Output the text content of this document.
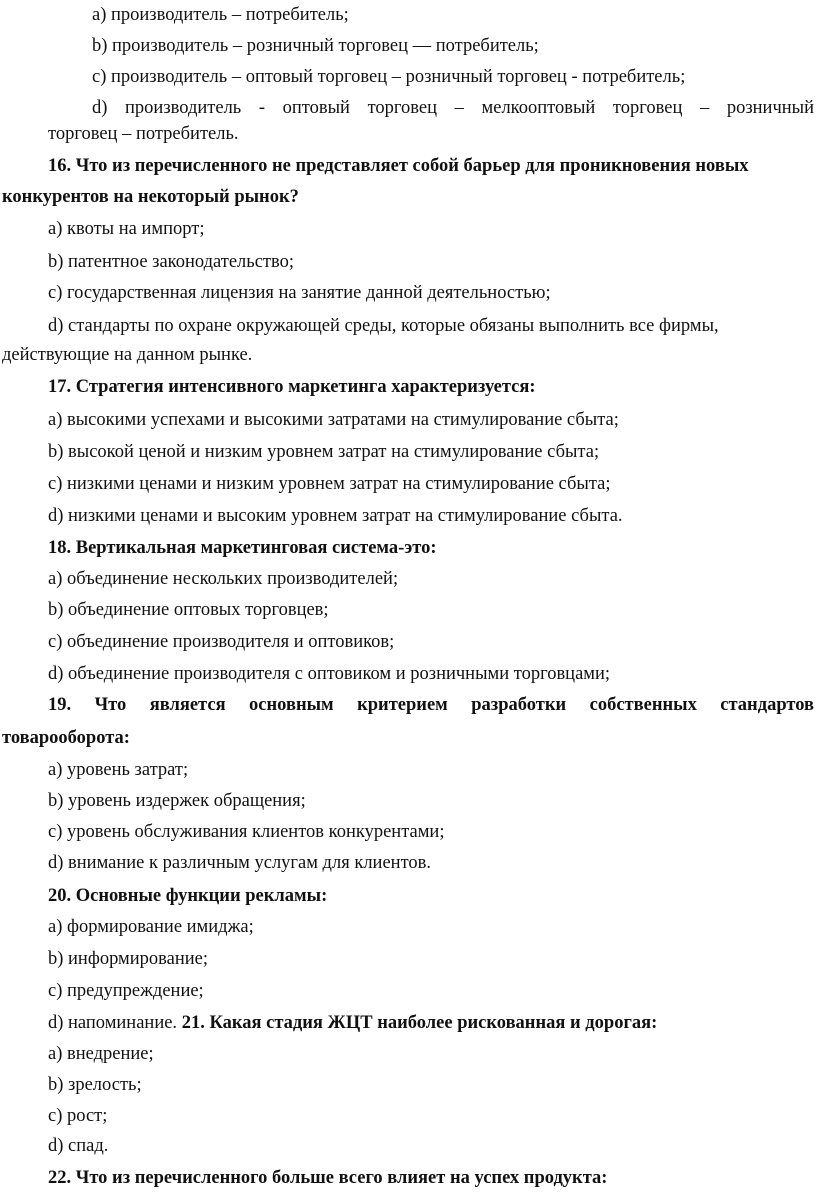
a) производитель – потребитель;
b) производитель – розничный торговец — потребитель;
c) производитель – оптовый торговец – розничный торговец - потребитель;
d) производитель - оптовый торговец – мелкооптовый торговец – розничный
торговец – потребитель.
16. Что из перечисленного не представляет собой барьер для проникновения новых
конкурентов на некоторый рынок?
a) квоты на импорт;
b) патентное законодательство;
c) государственная лицензия на занятие данной деятельностью;
d) стандарты по охране окружающей среды, которые обязаны выполнить все фирмы,
действующие на данном рынке.
17. Стратегия интенсивного маркетинга характеризуется:
a) высокими успехами и высокими затратами на стимулирование сбыта;
b) высокой ценой и низким уровнем затрат на стимулирование сбыта;
c) низкими ценами и низким уровнем затрат на стимулирование сбыта;
d) низкими ценами и высоким уровнем затрат на стимулирование сбыта.
18. Вертикальная маркетинговая система-это:
a) объединение нескольких производителей;
b) объединение оптовых торговцев;
c) объединение производителя и оптовиков;
d) объединение производителя с оптовиком и розничными торговцами;
19. Что является основным критерием разработки собственных стандартов
товарооборота:
a) уровень затрат;
b) уровень издержек обращения;
c) уровень обслуживания клиентов конкурентами;
d) внимание к различным услугам для клиентов.
20. Основные функции рекламы:
a) формирование имиджа;
b) информирование;
c) предупреждение;
d) напоминание. 21. Какая стадия ЖЦТ наиболее рискованная и дорогая:
a) внедрение;
b) зрелость;
c) рост;
d) спад.
22. Что из перечисленного больше всего влияет на успех продукта:
